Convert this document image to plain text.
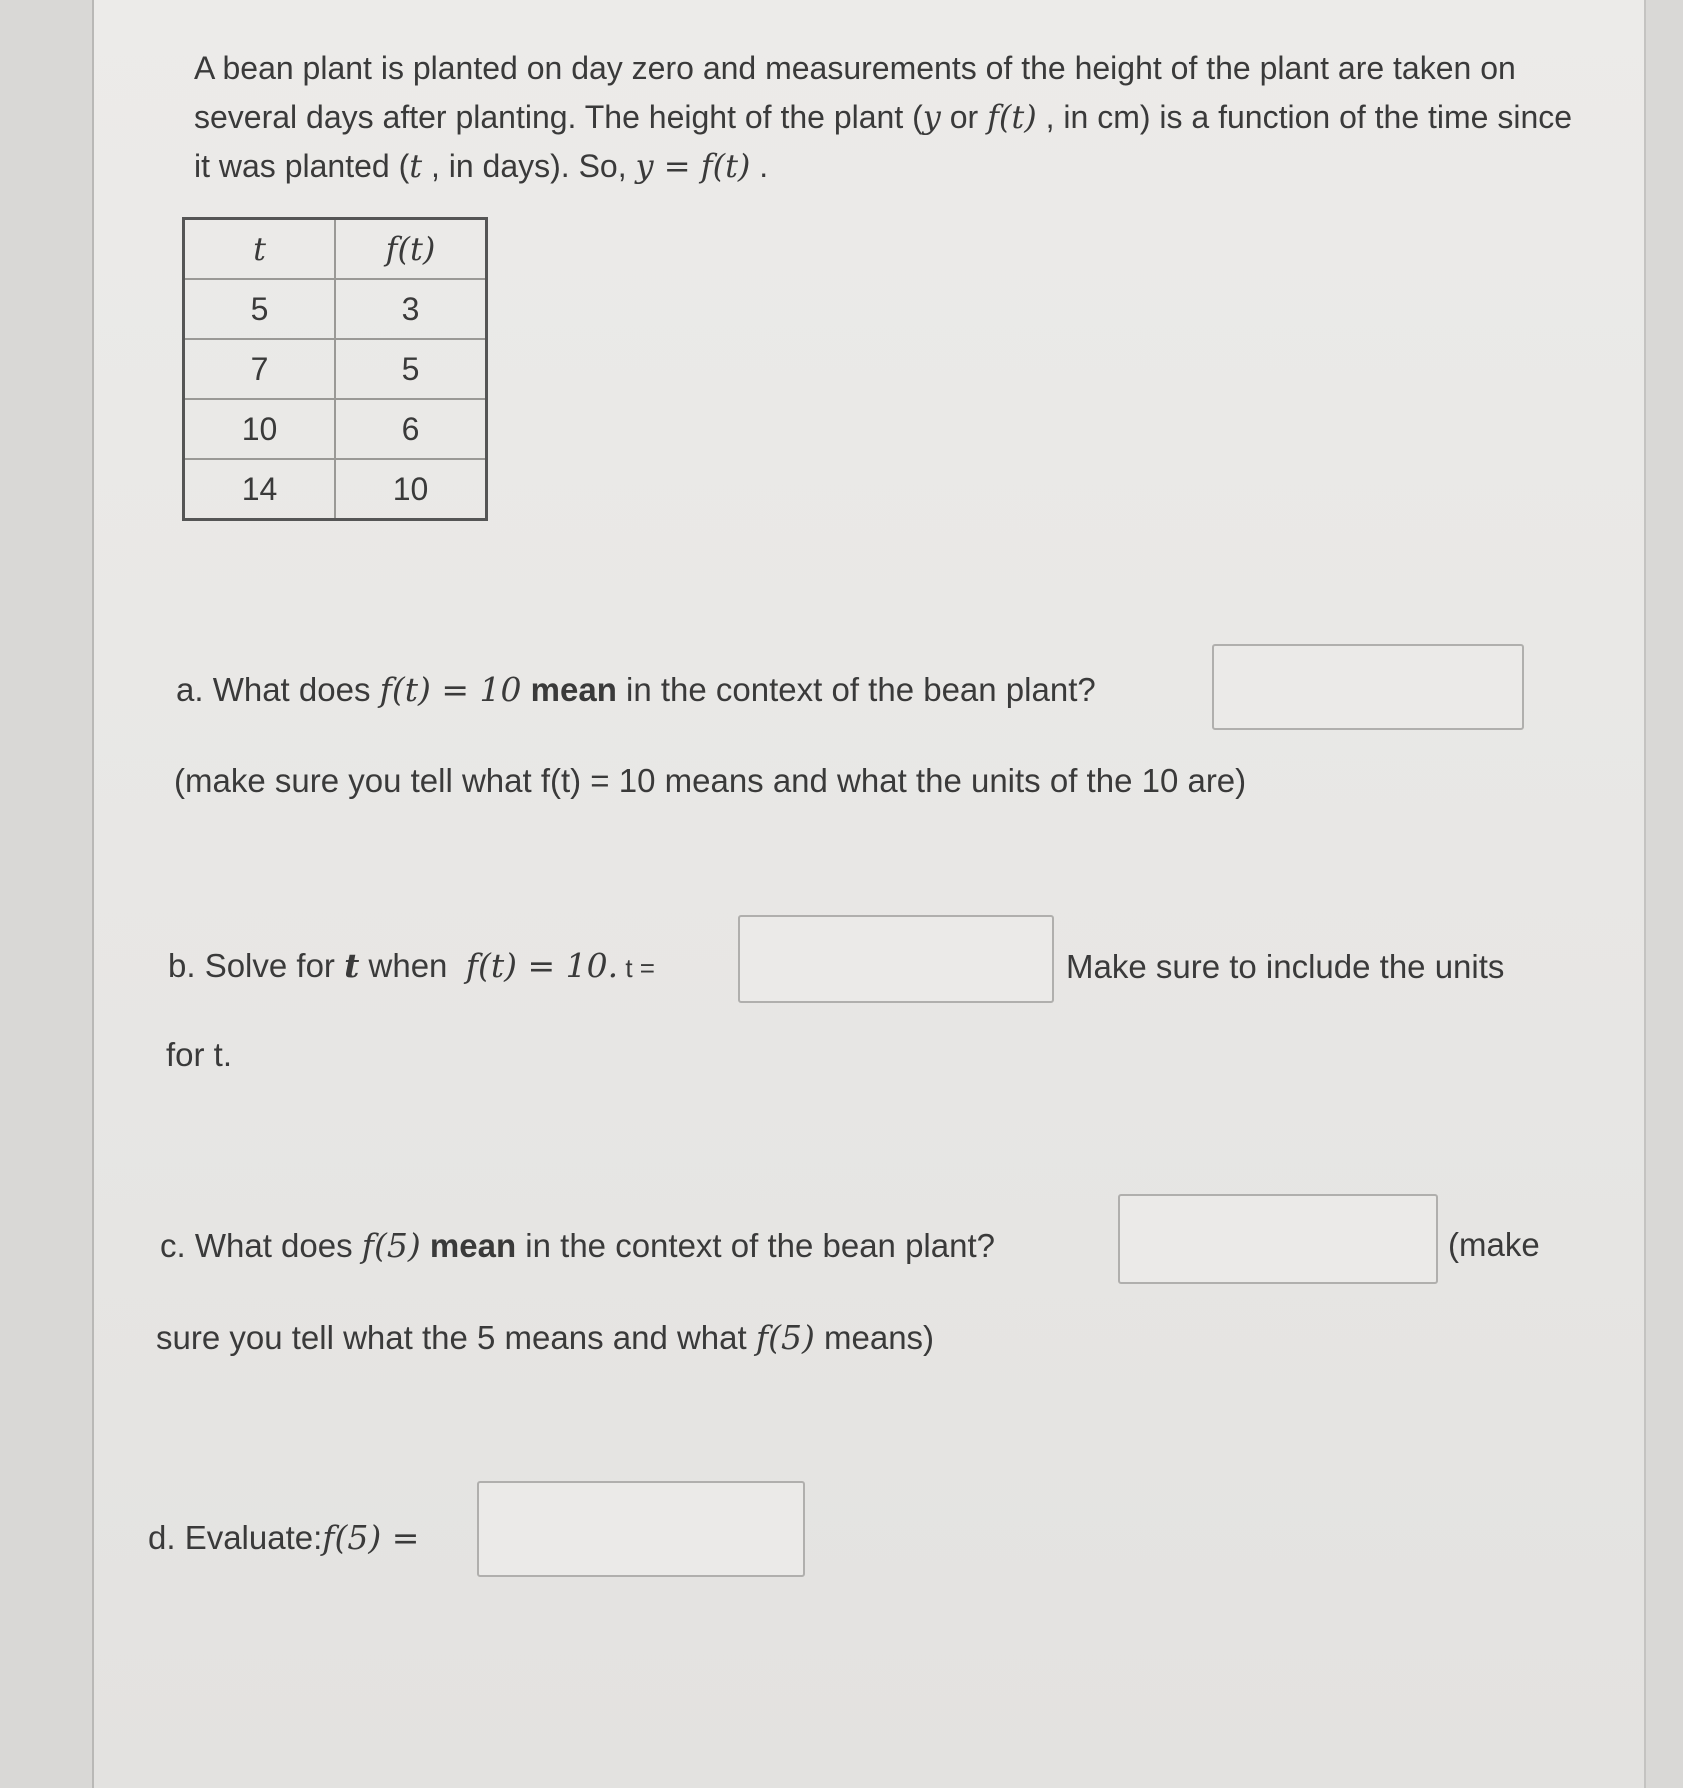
A bean plant is planted on day zero and measurements of the height of the plant are taken on several days after planting. The height of the plant (y or f(t) , in cm) is a function of the time since it was planted (t , in days). So, y = f(t) .

t	f(t)
5	3
7	5
10	6
14	10

a. What does f(t) = 10 mean in the context of the bean plant?

(make sure you tell what f(t) = 10 means and what the units of the 10 are)

b. Solve for t when  f(t) = 10. t =	Make sure to include the units

for t.

c. What does f(5) mean in the context of the bean plant?	(make

sure you tell what the 5 means and what f(5) means)

d. Evaluate:f(5) =
